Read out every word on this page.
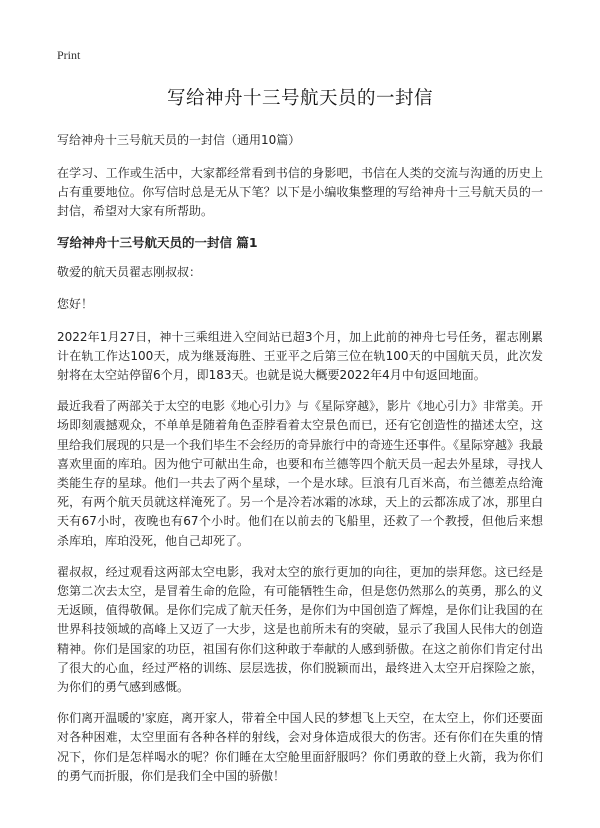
Print
写给神舟十三号航天员的一封信

写给神舟十三号航天员的一封信（通用10篇）

在学习、工作或生活中，大家都经常看到书信的身影吧，书信在人类的交流与沟通的历史上占有重要地位。你写信时总是无从下笔？以下是小编收集整理的写给神舟十三号航天员的一封信，希望对大家有所帮助。

写给神舟十三号航天员的一封信 篇1

敬爱的航天员翟志刚叔叔：

您好！

2022年1月27日，神十三乘组进入空间站已超3个月，加上此前的神舟七号任务，翟志刚累计在轨工作达100天，成为继聂海胜、王亚平之后第三位在轨100天的中国航天员，此次发射将在太空站停留6个月，即183天。也就是说大概要2022年4月中旬返回地面。

最近我看了两部关于太空的电影《地心引力》与《星际穿越》，影片《地心引力》非常美。开场即刻震撼观众，不单单是随着角色歪脖看着太空景色而已，还有它创造性的描述太空，这里给我们展现的只是一个我们毕生不会经历的奇异旅行中的奇迹生还事件。《星际穿越》我最喜欢里面的库珀。因为他宁可献出生命，也要和布兰德等四个航天员一起去外星球，寻找人类能生存的星球。他们一共去了两个星球，一个是水球。巨浪有几百米高，布兰德差点给淹死，有两个航天员就这样淹死了。另一个是冷若冰霜的冰球，天上的云都冻成了冰，那里白天有67小时，夜晚也有67个小时。他们在以前去的飞船里，还救了一个教授，但他后来想杀库珀，库珀没死，他自己却死了。

翟叔叔，经过观看这两部太空电影，我对太空的旅行更加的向往，更加的崇拜您。这已经是您第二次去太空，是冒着生命的危险，有可能牺牲生命，但是您仍然那么的英勇，那么的义无返顾，值得敬佩。是你们完成了航天任务，是你们为中国创造了辉煌，是你们让我国的在世界科技领域的高峰上又迈了一大步，这是也前所未有的突破，显示了我国人民伟大的创造精神。你们是国家的功臣，祖国有你们这种敢于奉献的人感到骄傲。在这之前你们肯定付出了很大的心血，经过严格的训练、层层选拔，你们脱颖而出，最终进入太空开启探险之旅，为你们的勇气感到感慨。

你们离开温暖的'家庭，离开家人，带着全中国人民的梦想飞上天空，在太空上，你们还要面对各种困难，太空里面有各种各样的射线，会对身体造成很大的伤害。还有你们在失重的情况下，你们是怎样喝水的呢？你们睡在太空舱里面舒服吗？你们勇敢的登上火箭，我为你们的勇气而折服，你们是我们全中国的骄傲！
